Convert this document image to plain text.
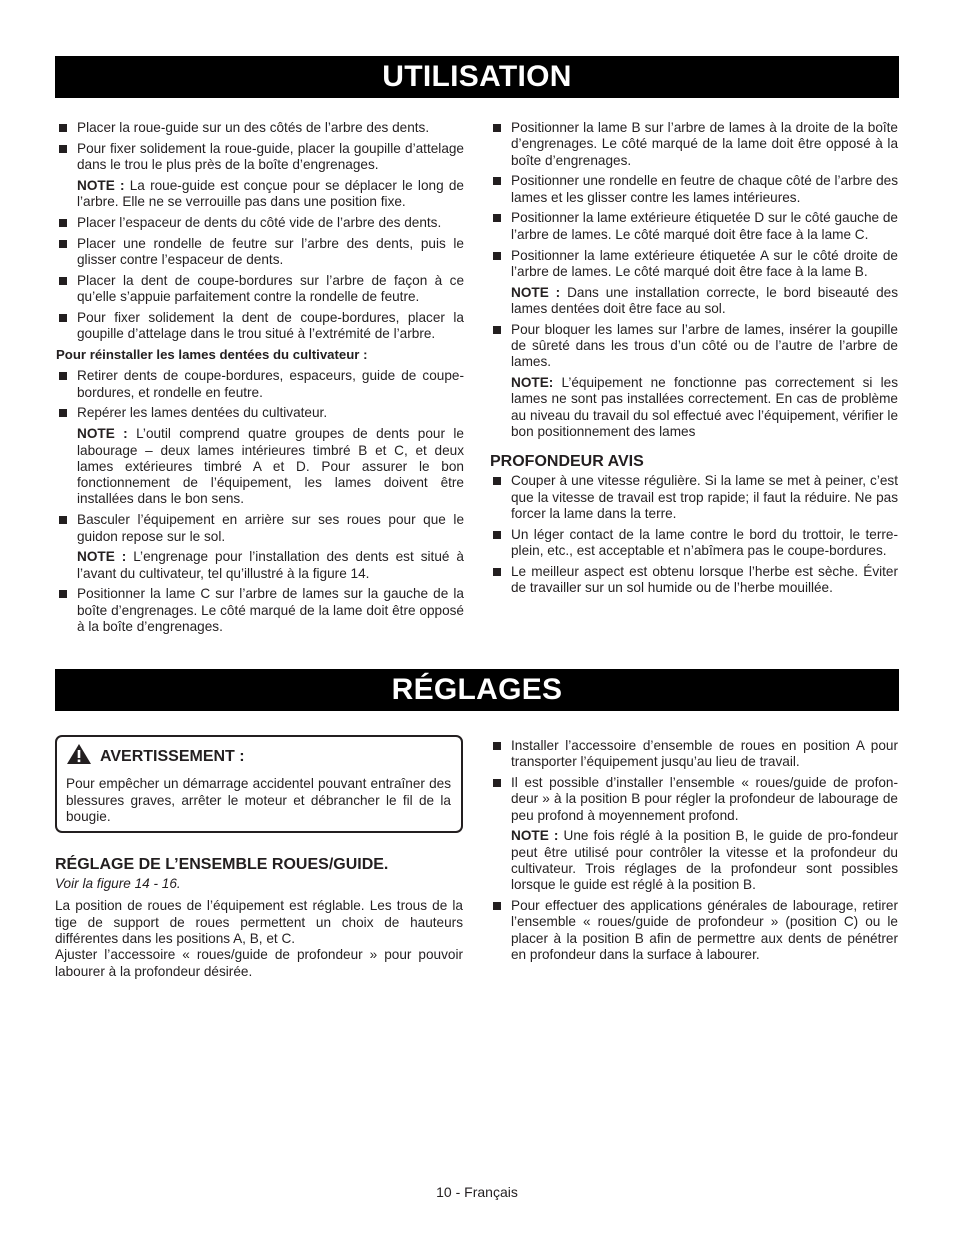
UTILISATION
Placer la roue-guide sur un des côtés de l’arbre des dents.
Pour fixer solidement la roue-guide, placer la goupille d’attelage dans le trou le plus près de la boîte d’engrenages.
NOTE : La roue-guide est conçue pour se déplacer le long de l’arbre. Elle ne se verrouille pas dans une position fixe.
Placer l’espaceur de dents du côté vide de l’arbre des dents.
Placer une rondelle de feutre sur l’arbre des dents, puis le glisser contre l’espaceur de dents.
Placer la dent de coupe-bordures sur l’arbre de façon à ce qu’elle s’appuie parfaitement contre la rondelle de feutre.
Pour fixer solidement la dent de coupe-bordures, placer la goupille d’attelage dans le trou situé à l’extrémité de l’arbre.
Pour réinstaller les lames dentées du cultivateur :
Retirer dents de coupe-bordures, espaceurs, guide de coupe-bordures, et rondelle en feutre.
Repérer les lames dentées du cultivateur.
NOTE : L’outil comprend quatre groupes de dents pour le labourage – deux lames intérieures timbré B et C, et deux lames extérieures timbré A et D. Pour assurer le bon fonctionnement de l’équipement, les lames doivent être installées dans le bon sens.
Basculer l’équipement en arrière sur ses roues pour que le guidon repose sur le sol.
NOTE : L’engrenage pour l’installation des dents est situé à l’avant du cultivateur, tel qu’illustré à la figure 14.
Positionner la lame C sur l’arbre de lames sur la gauche de la boîte d’engrenages. Le côté marqué de la lame doit être opposé à la boîte d’engrenages.
Positionner la lame B sur l’arbre de lames à la droite de la boîte d’engrenages. Le côté marqué de la lame doit être opposé à la boîte d’engrenages.
Positionner une rondelle en feutre de chaque côté de l’arbre des lames et les glisser contre les lames intérieures.
Positionner la lame extérieure étiquetée D sur le côté gauche de l’arbre de lames. Le côté marqué doit être face à la lame C.
Positionner la lame extérieure étiquetée A sur le côté droite de l’arbre de lames. Le côté marqué doit être face à la lame B.
NOTE : Dans une installation correcte, le bord biseauté des lames dentées doit être face au sol.
Pour bloquer les lames sur l’arbre de lames, insérer la goupille de sûreté dans les trous d’un côté ou de l’autre de l’arbre de lames.
NOTE: L’équipement ne fonctionne pas correctement si les lames ne sont pas installées correctement. En cas de problème au niveau du travail du sol effectué avec l’équipement, vérifier le bon positionnement des lames
PROFONDEUR AVIS
Couper à une vitesse régulière. Si la lame se met à peiner, c’est que la vitesse de travail est trop rapide; il faut la réduire. Ne pas forcer la lame dans la terre.
Un léger contact de la lame contre le bord du trottoir, le terre-plein, etc., est acceptable et n’abîmera pas le coupe-bordures.
Le meilleur aspect est obtenu lorsque l’herbe est sèche. Éviter de travailler sur un sol humide ou de l’herbe mouillée.
RÉGLAGES
AVERTISSEMENT :

Pour empêcher un démarrage accidentel pouvant entraîner des blessures graves, arrêter le moteur et débrancher le fil de la bougie.

RÉGLAGE DE L’ENSEMBLE ROUES/GUIDE.
Voir la figure 14 - 16.

La position de roues de l’équipement est réglable. Les trous de la tige de support de roues permettent un choix de hauteurs différentes dans les positions A, B, et C.

Ajuster l’accessoire « roues/guide de profondeur » pour pouvoir labourer à la profondeur désirée.

Installer l’accessoire d’ensemble de roues en position A pour transporter l’équipement jusqu’au lieu de travail.
Il est possible d’installer l’ensemble « roues/guide de profon-deur » à la position B pour régler la profondeur de labourage de peu profond à moyennement profond.
NOTE : Une fois réglé à la position B, le guide de pro-fondeur peut être utilisé pour contrôler la vitesse et la profondeur du cultivateur. Trois réglages de la profondeur sont possibles lorsque le guide est réglé à la position B.
Pour effectuer des applications générales de labourage, retirer l’ensemble « roues/guide de profondeur » (position C) ou le placer à la position B afin de permettre aux dents de pénétrer en profondeur dans la surface à labourer.
10 - Français
